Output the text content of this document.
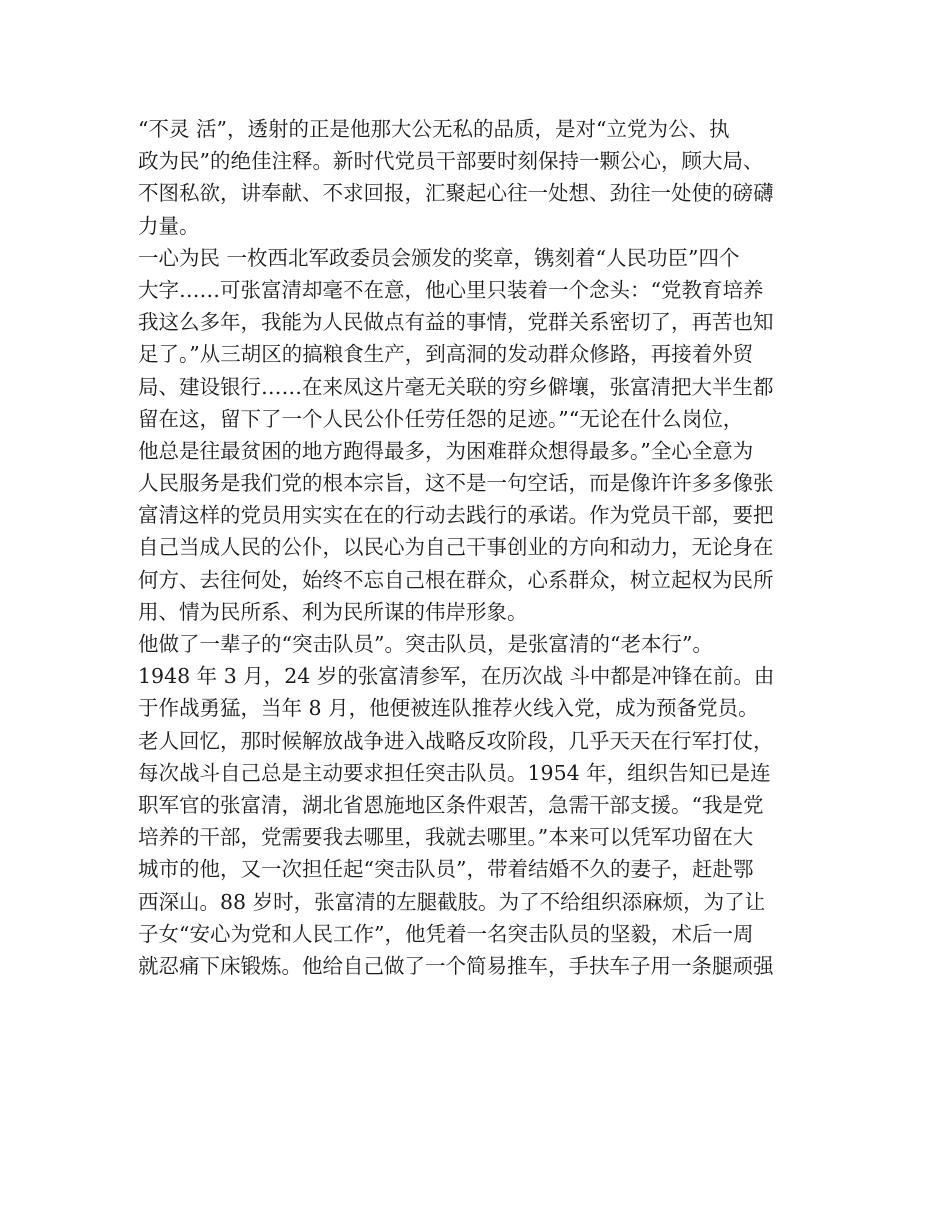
“不灵 活”，透射的正是他那大公无私的品质，是对“立党为公、执
政为民”的绝佳注释。新时代党员干部要时刻保持一颗公心，顾大局、
不图私欲，讲奉献、不求回报，汇聚起心往一处想、劲往一处使的磅礴
力量。
一心为民 一枚西北军政委员会颁发的奖章，镌刻着“人民功臣”四个
大字……可张富清却毫不在意，他心里只装着一个念头：“党教育培养
我这么多年，我能为人民做点有益的事情，党群关系密切了，再苦也知
足了。”从三胡区的搞粮食生产，到高洞的发动群众修路，再接着外贸
局、建设银行……在来凤这片毫无关联的穷乡僻壤，张富清把大半生都
留在这，留下了一个人民公仆任劳任怨的足迹。”“无论在什么岗位，
他总是往最贫困的地方跑得最多，为困难群众想得最多。”全心全意为
人民服务是我们党的根本宗旨，这不是一句空话，而是像许许多多像张
富清这样的党员用实实在在的行动去践行的承诺。作为党员干部，要把
自己当成人民的公仆，以民心为自己干事创业的方向和动力，无论身在
何方、去往何处，始终不忘自己根在群众，心系群众，树立起权为民所
用、情为民所系、利为民所谋的伟岸形象。
他做了一辈子的“突击队员”。突击队员，是张富清的“老本行”。
1948 年 3 月，24 岁的张富清参军，在历次战 斗中都是冲锋在前。由
于作战勇猛，当年 8 月，他便被连队推荐火线入党，成为预备党员。
老人回忆，那时候解放战争进入战略反攻阶段，几乎天天在行军打仗，
每次战斗自己总是主动要求担任突击队员。1954 年，组织告知已是连
职军官的张富清，湖北省恩施地区条件艰苦，急需干部支援。“我是党
培养的干部，党需要我去哪里，我就去哪里。”本来可以凭军功留在大
城市的他，又一次担任起“突击队员”，带着结婚不久的妻子，赶赴鄂
西深山。88 岁时，张富清的左腿截肢。为了不给组织添麻烦，为了让
子女“安心为党和人民工作”，他凭着一名突击队员的坚毅，术后一周
就忍痛下床锻炼。他给自己做了一个简易推车，手扶车子用一条腿顽强
